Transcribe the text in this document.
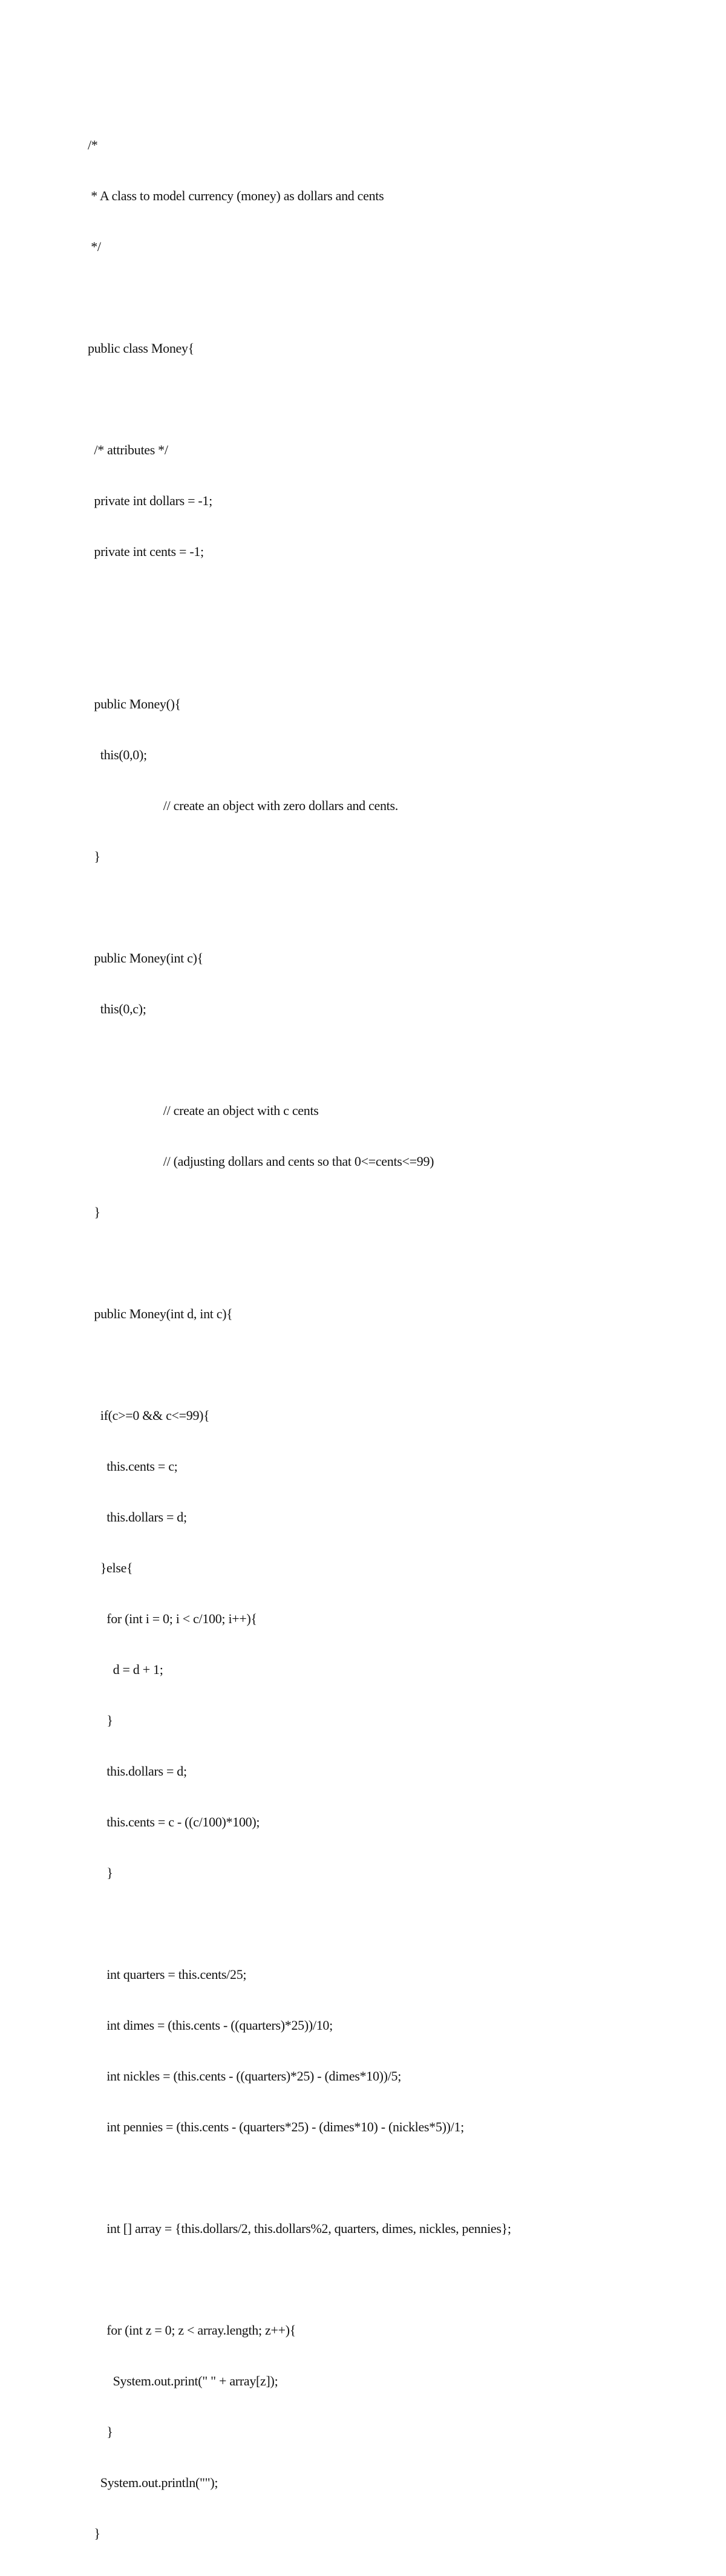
/*

* A class to model currency (money) as dollars and cents

*/

public class Money{

/* attributes */

private int dollars = -1;

private int cents = -1;

public Money(){

this(0,0);

// create an object with zero dollars and cents.

}

public Money(int c){

this(0,c);

// create an object with c cents

// (adjusting dollars and cents so that 0<=cents<=99)

}

public Money(int d, int c){

if(c>=0 && c<=99){

this.cents = c;

this.dollars = d;

}else{

for (int i = 0; i < c/100; i++){

d = d + 1;

}

this.dollars = d;

this.cents = c - ((c/100)*100);

}

int quarters = this.cents/25;

int dimes = (this.cents - ((quarters)*25))/10;

int nickles = (this.cents - ((quarters)*25) - (dimes*10))/5;

int pennies = (this.cents - (quarters*25) - (dimes*10) - (nickles*5))/1;

int [] array = {this.dollars/2, this.dollars%2, quarters, dimes, nickles, pennies};

for (int z = 0; z < array.length; z++){

System.out.print(" " + array[z]);

}

System.out.println("");

}
